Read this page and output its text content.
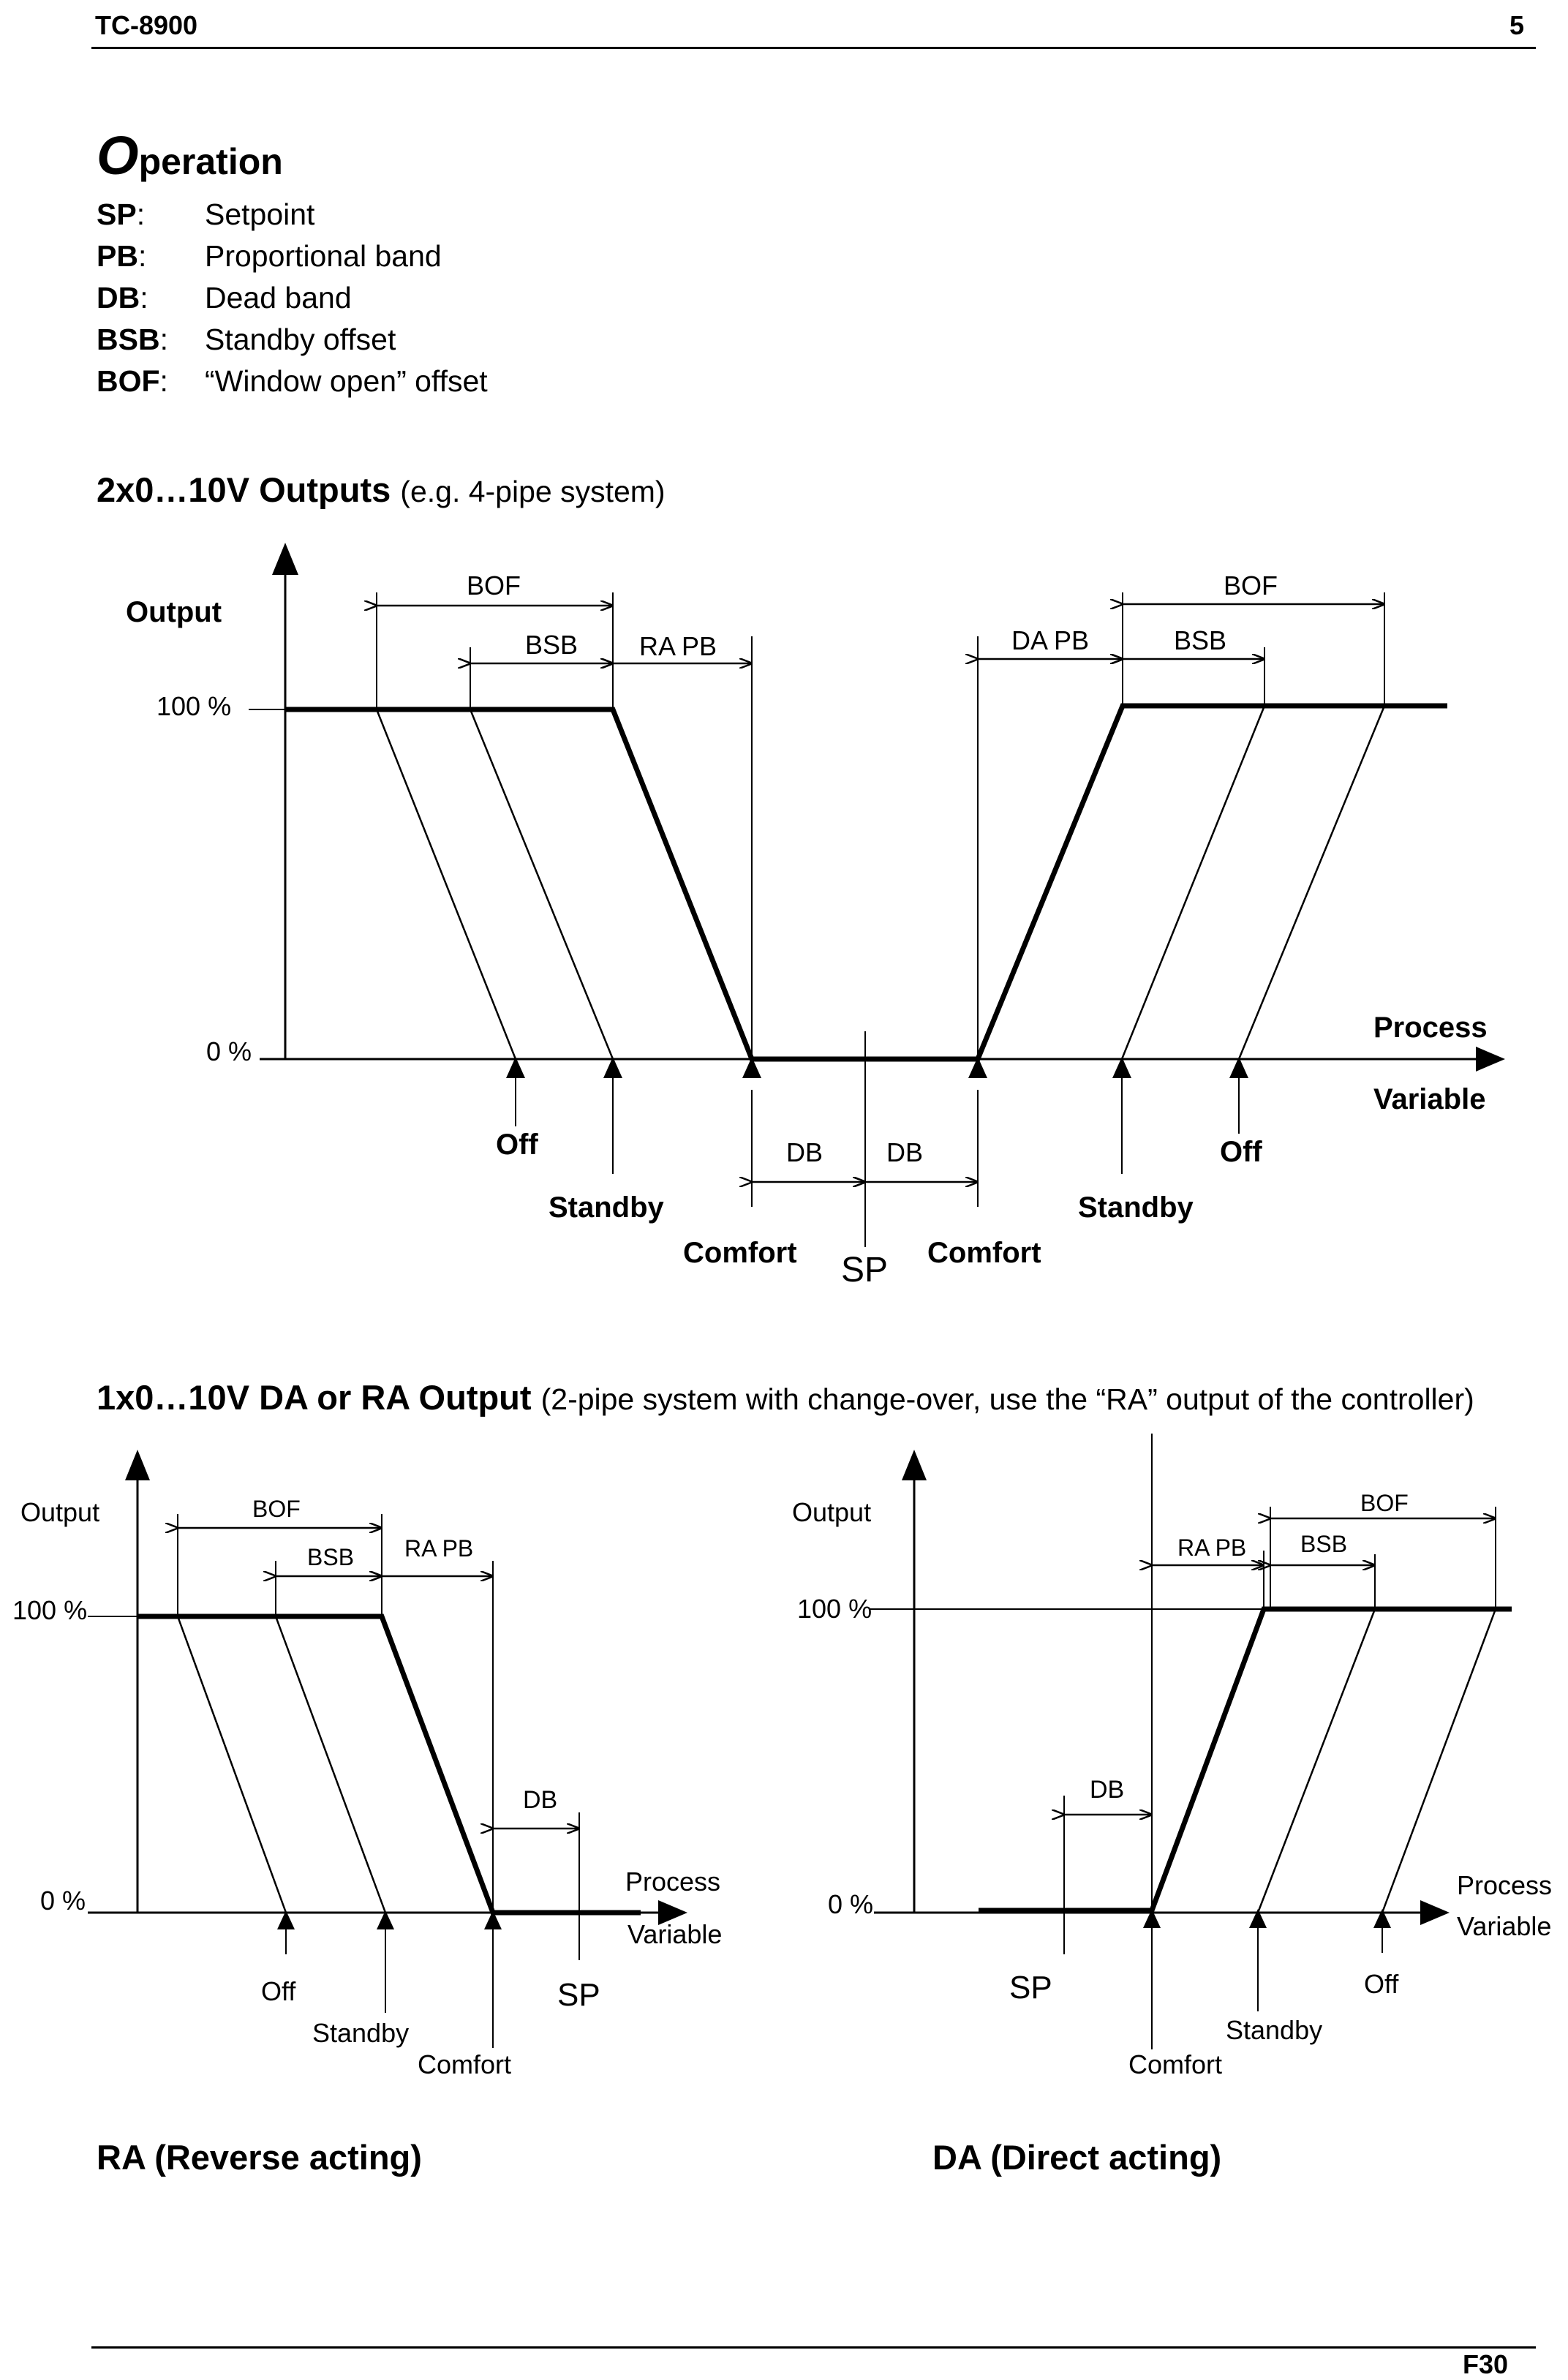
TC-8900	5
Operation
SP: Setpoint
PB: Proportional band
DB: Dead band
BSB: Standby offset
BOF: “Window open” offset
2x0…10V Outputs (e.g. 4-pipe system)
1x0…10V DA or RA Output (2-pipe system with change-over, use the “RA” output of the controller)
RA (Reverse acting)	DA (Direct acting)
F30
Output
100 %
0 %
Process
Variable
BOF
BSB RA PB	DA PB	BSB
BOF
DB DB
Off
Standby
Comfort SP Comfort
Standby
Off
Output
100 %
0 %
Process
Variable
BOF
BSB RA PB
DB
Off
Standby
Comfort
SP
Output
100 %
0 %
Process
Variable
BOF
RA PB BSB
DB
SP
Comfort
Standby
Off
